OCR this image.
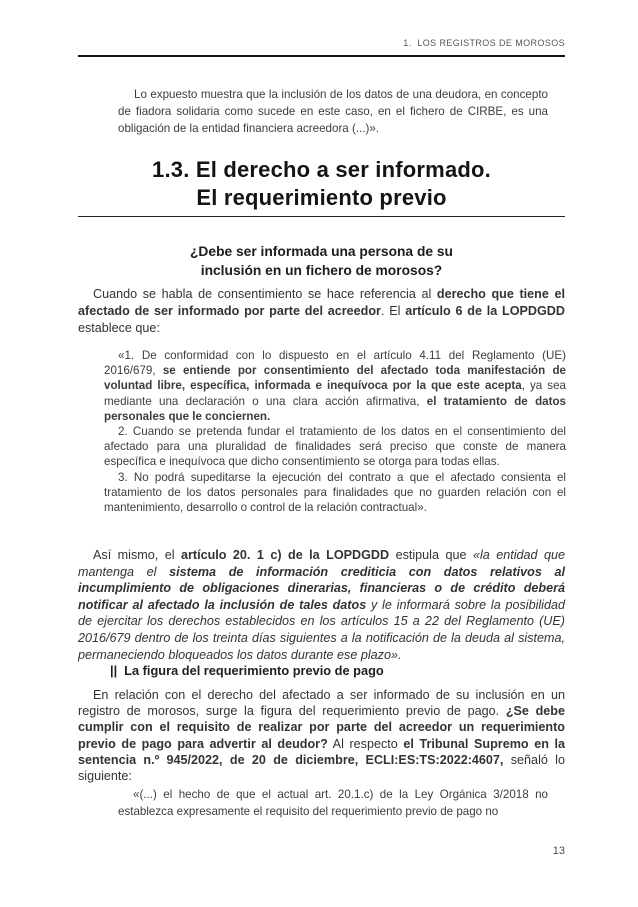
1.  LOS REGISTROS DE MOROSOS
Lo expuesto muestra que la inclusión de los datos de una deudora, en concepto de fiadora solidaria como sucede en este caso, en el fichero de CIRBE, es una obligación de la entidad financiera acreedora (...)».
1.3. El derecho a ser informado.
El requerimiento previo
¿Debe ser informada una persona de su
inclusión en un fichero de morosos?

Cuando se habla de consentimiento se hace referencia al derecho que tiene el afectado de ser informado por parte del acreedor. El artículo 6 de la LOPDGDD establece que:

«1. De conformidad con lo dispuesto en el artículo 4.11 del Reglamento (UE) 2016/679, se entiende por consentimiento del afectado toda manifestación de voluntad libre, específica, informada e inequívoca por la que este acepta, ya sea mediante una declaración o una clara acción afirmativa, el tratamiento de datos personales que le conciernen.

2. Cuando se pretenda fundar el tratamiento de los datos en el consentimiento del afectado para una pluralidad de finalidades será preciso que conste de manera específica e inequívoca que dicho consentimiento se otorga para todas ellas.

3. No podrá supeditarse la ejecución del contrato a que el afectado consienta el tratamiento de los datos personales para finalidades que no guarden relación con el mantenimiento, desarrollo o control de la relación contractual».

Así mismo, el artículo 20. 1 c) de la LOPDGDD estipula que «la entidad que mantenga el sistema de información crediticia con datos relativos al incumplimiento de obligaciones dinerarias, financieras o de crédito deberá notificar al afectado la inclusión de tales datos y le informará sobre la posibilidad de ejercitar los derechos establecidos en los artículos 15 a 22 del Reglamento (UE) 2016/679 dentro de los treinta días siguientes a la notificación de la deuda al sistema, permaneciendo bloqueados los datos durante ese plazo».

|| La figura del requerimiento previo de pago

En relación con el derecho del afectado a ser informado de su inclusión en un registro de morosos, surge la figura del requerimiento previo de pago. ¿Se debe cumplir con el requisito de realizar por parte del acreedor un requerimiento previo de pago para advertir al deudor? Al respecto el Tribunal Supremo en la sentencia n.º 945/2022, de 20 de diciembre, ECLI:ES:TS:2022:4607, señaló lo siguiente:

«(...) el hecho de que el actual art. 20.1.c) de la Ley Orgánica 3/2018 no establezca expresamente el requisito del requerimiento previo de pago no
13
